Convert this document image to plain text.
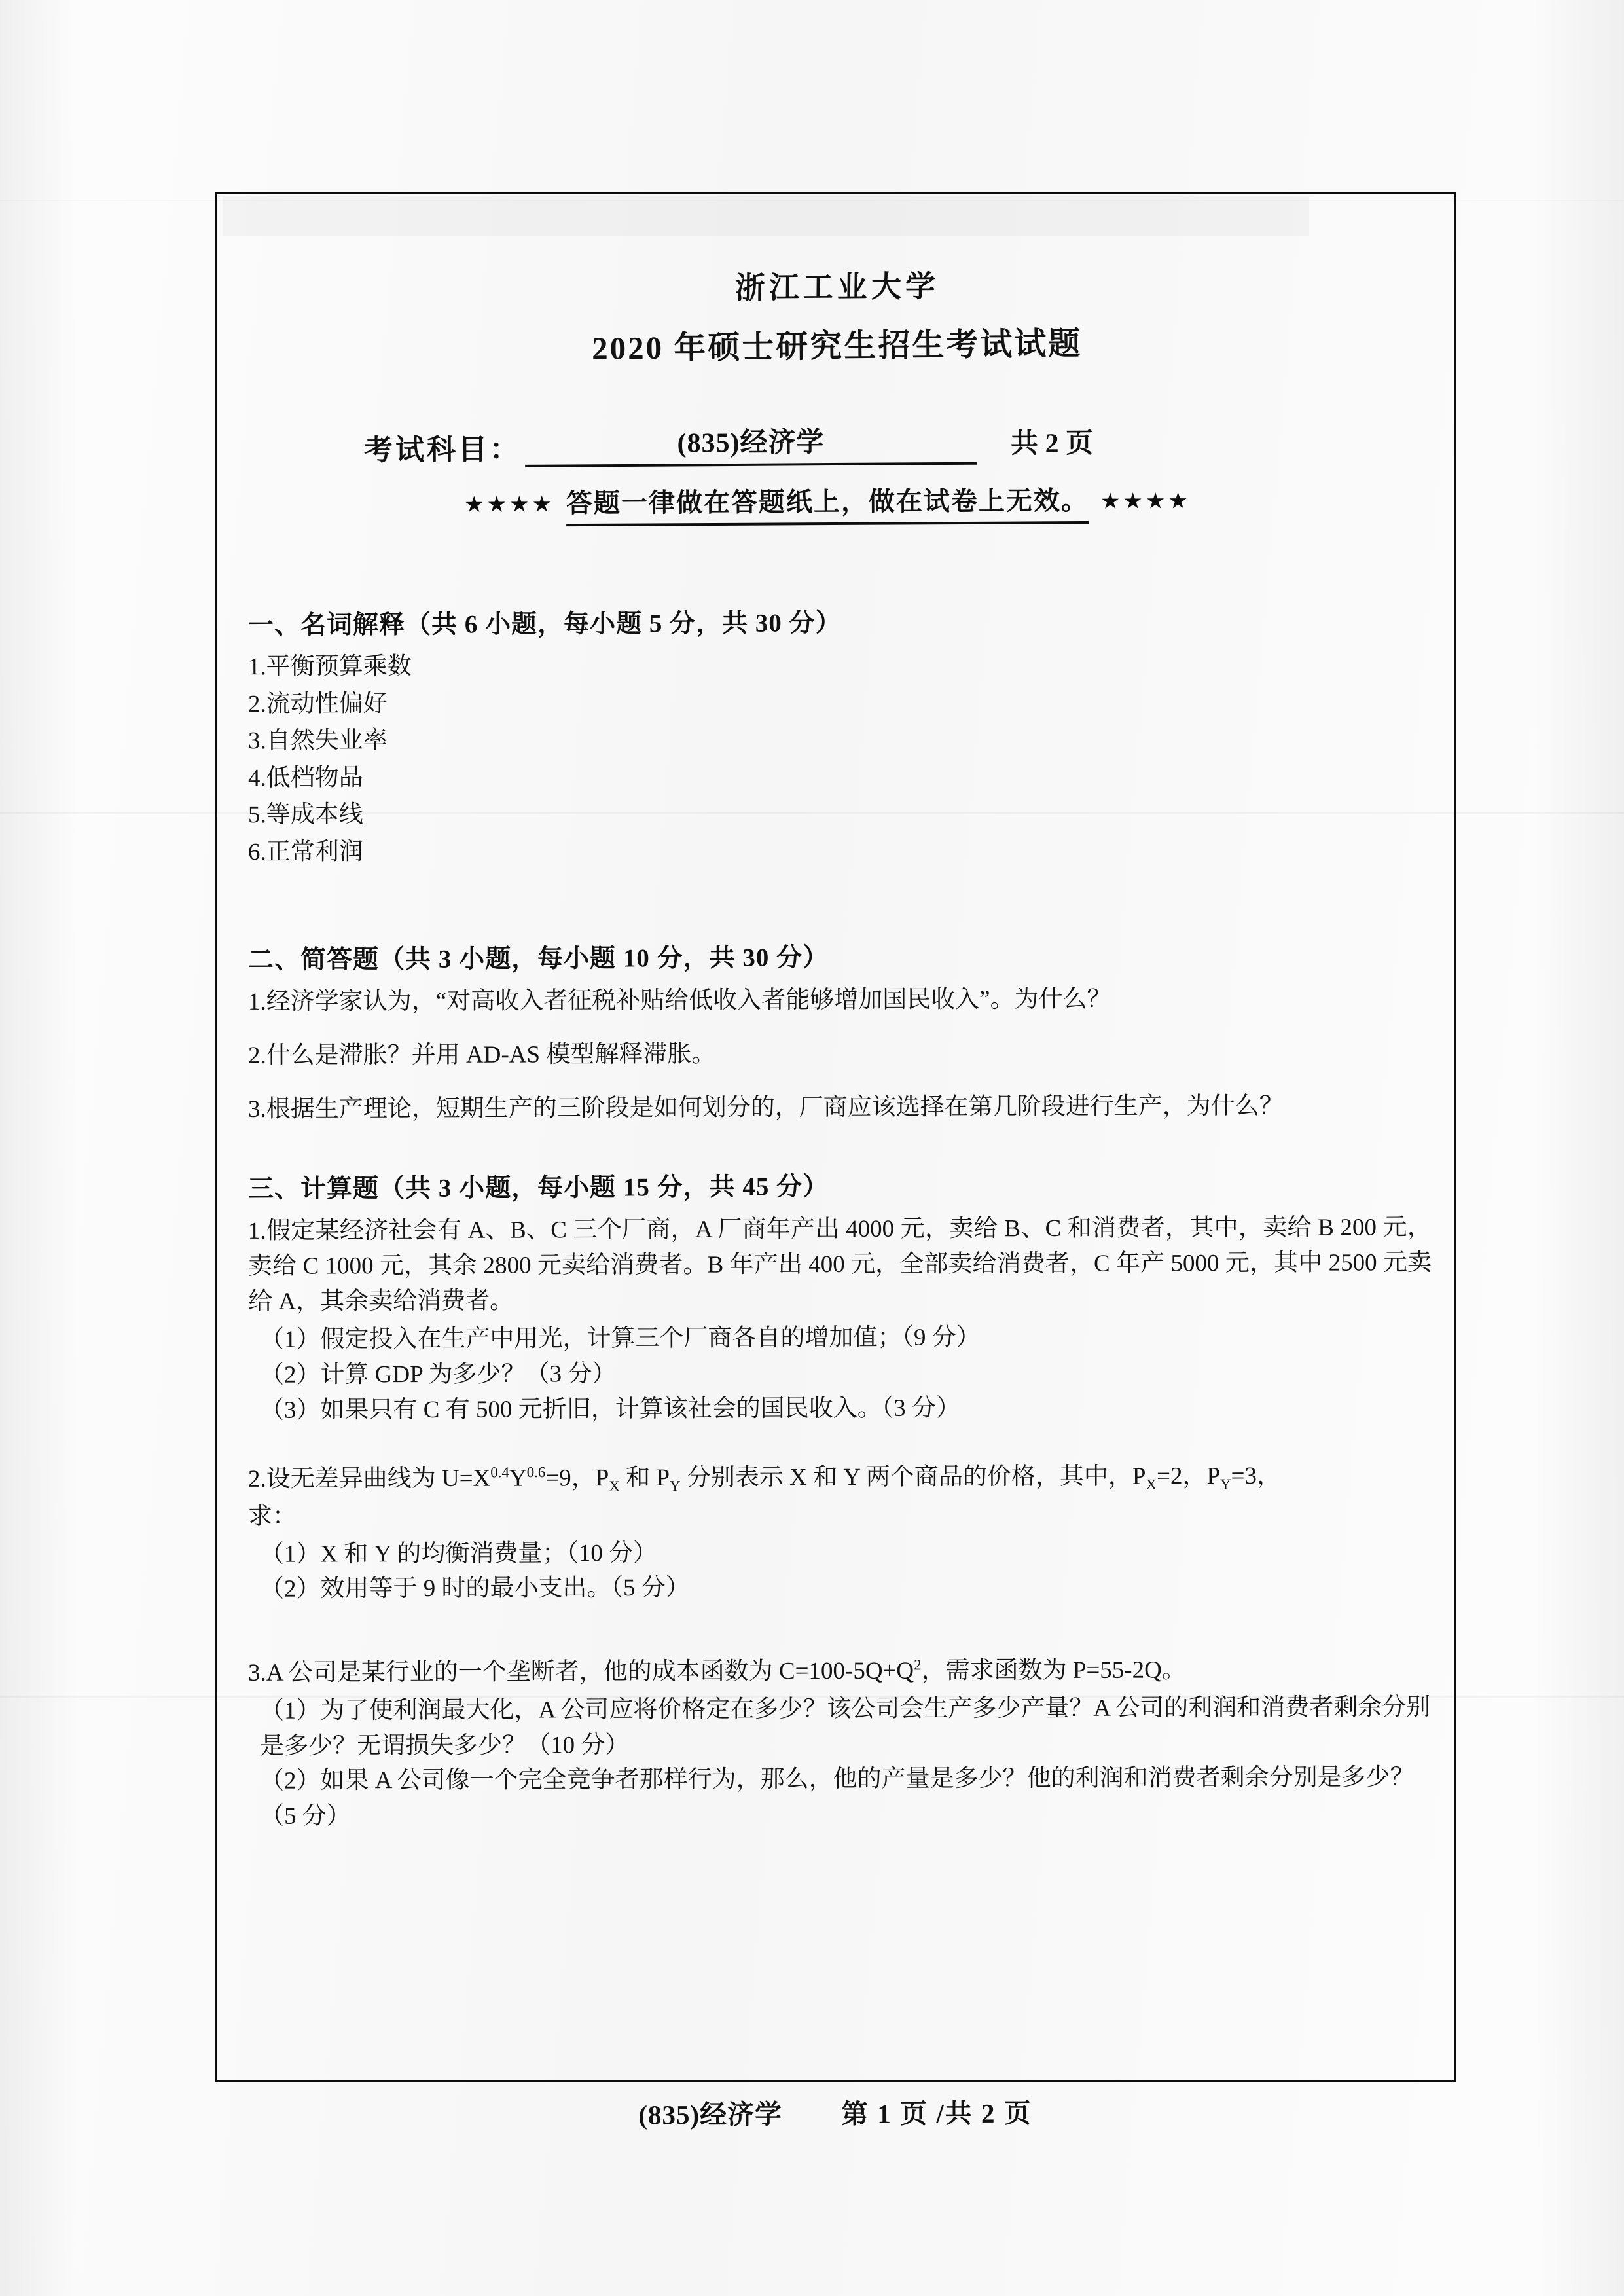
浙江工业大学
2020 年硕士研究生招生考试试题
考试科目：	(835)经济学	共 2 页
★★★★ 答题一律做在答题纸上，做在试卷上无效。 ★★★★
一、名词解释（共 6 小题，每小题 5 分，共 30 分）
1.平衡预算乘数
2.流动性偏好
3.自然失业率
4.低档物品
5.等成本线
6.正常利润
二、简答题（共 3 小题，每小题 10 分，共 30 分）
1.经济学家认为，“对高收入者征税补贴给低收入者能够增加国民收入”。为什么？
2.什么是滞胀？并用 AD-AS 模型解释滞胀。
3.根据生产理论，短期生产的三阶段是如何划分的，厂商应该选择在第几阶段进行生产，为什么？
三、计算题（共 3 小题，每小题 15 分，共 45 分）
1.假定某经济社会有 A、B、C 三个厂商，A 厂商年产出 4000 元，卖给 B、C 和消费者，其中，卖给 B 200 元，卖给 C 1000 元，其余 2800 元卖给消费者。B 年产出 400 元，全部卖给消费者，C 年产 5000 元，其中 2500 元卖给 A，其余卖给消费者。
（1）假定投入在生产中用光，计算三个厂商各自的增加值；（9 分）
（2）计算 GDP 为多少？（3 分）
（3）如果只有 C 有 500 元折旧，计算该社会的国民收入。（3 分）
2.设无差异曲线为 $U=X^{0.4}Y^{0.6}=9$，$P_X$ 和 $P_Y$ 分别表示 X 和 Y 两个商品的价格，其中，$P_X=2$，$P_Y=3$，
求：
（1）X 和 Y 的均衡消费量；（10 分）
（2）效用等于 9 时的最小支出。（5 分）
3.A 公司是某行业的一个垄断者，他的成本函数为 $C=100-5Q+Q^2$，需求函数为 P=55-2Q。
（1）为了使利润最大化，A 公司应将价格定在多少？该公司会生产多少产量？A 公司的利润和消费者剩余分别是多少？无谓损失多少？（10 分）
（2）如果 A 公司像一个完全竞争者那样行为，那么，他的产量是多少？他的利润和消费者剩余分别是多少？（5 分）
(835)经济学 第 1 页 /共 2 页
